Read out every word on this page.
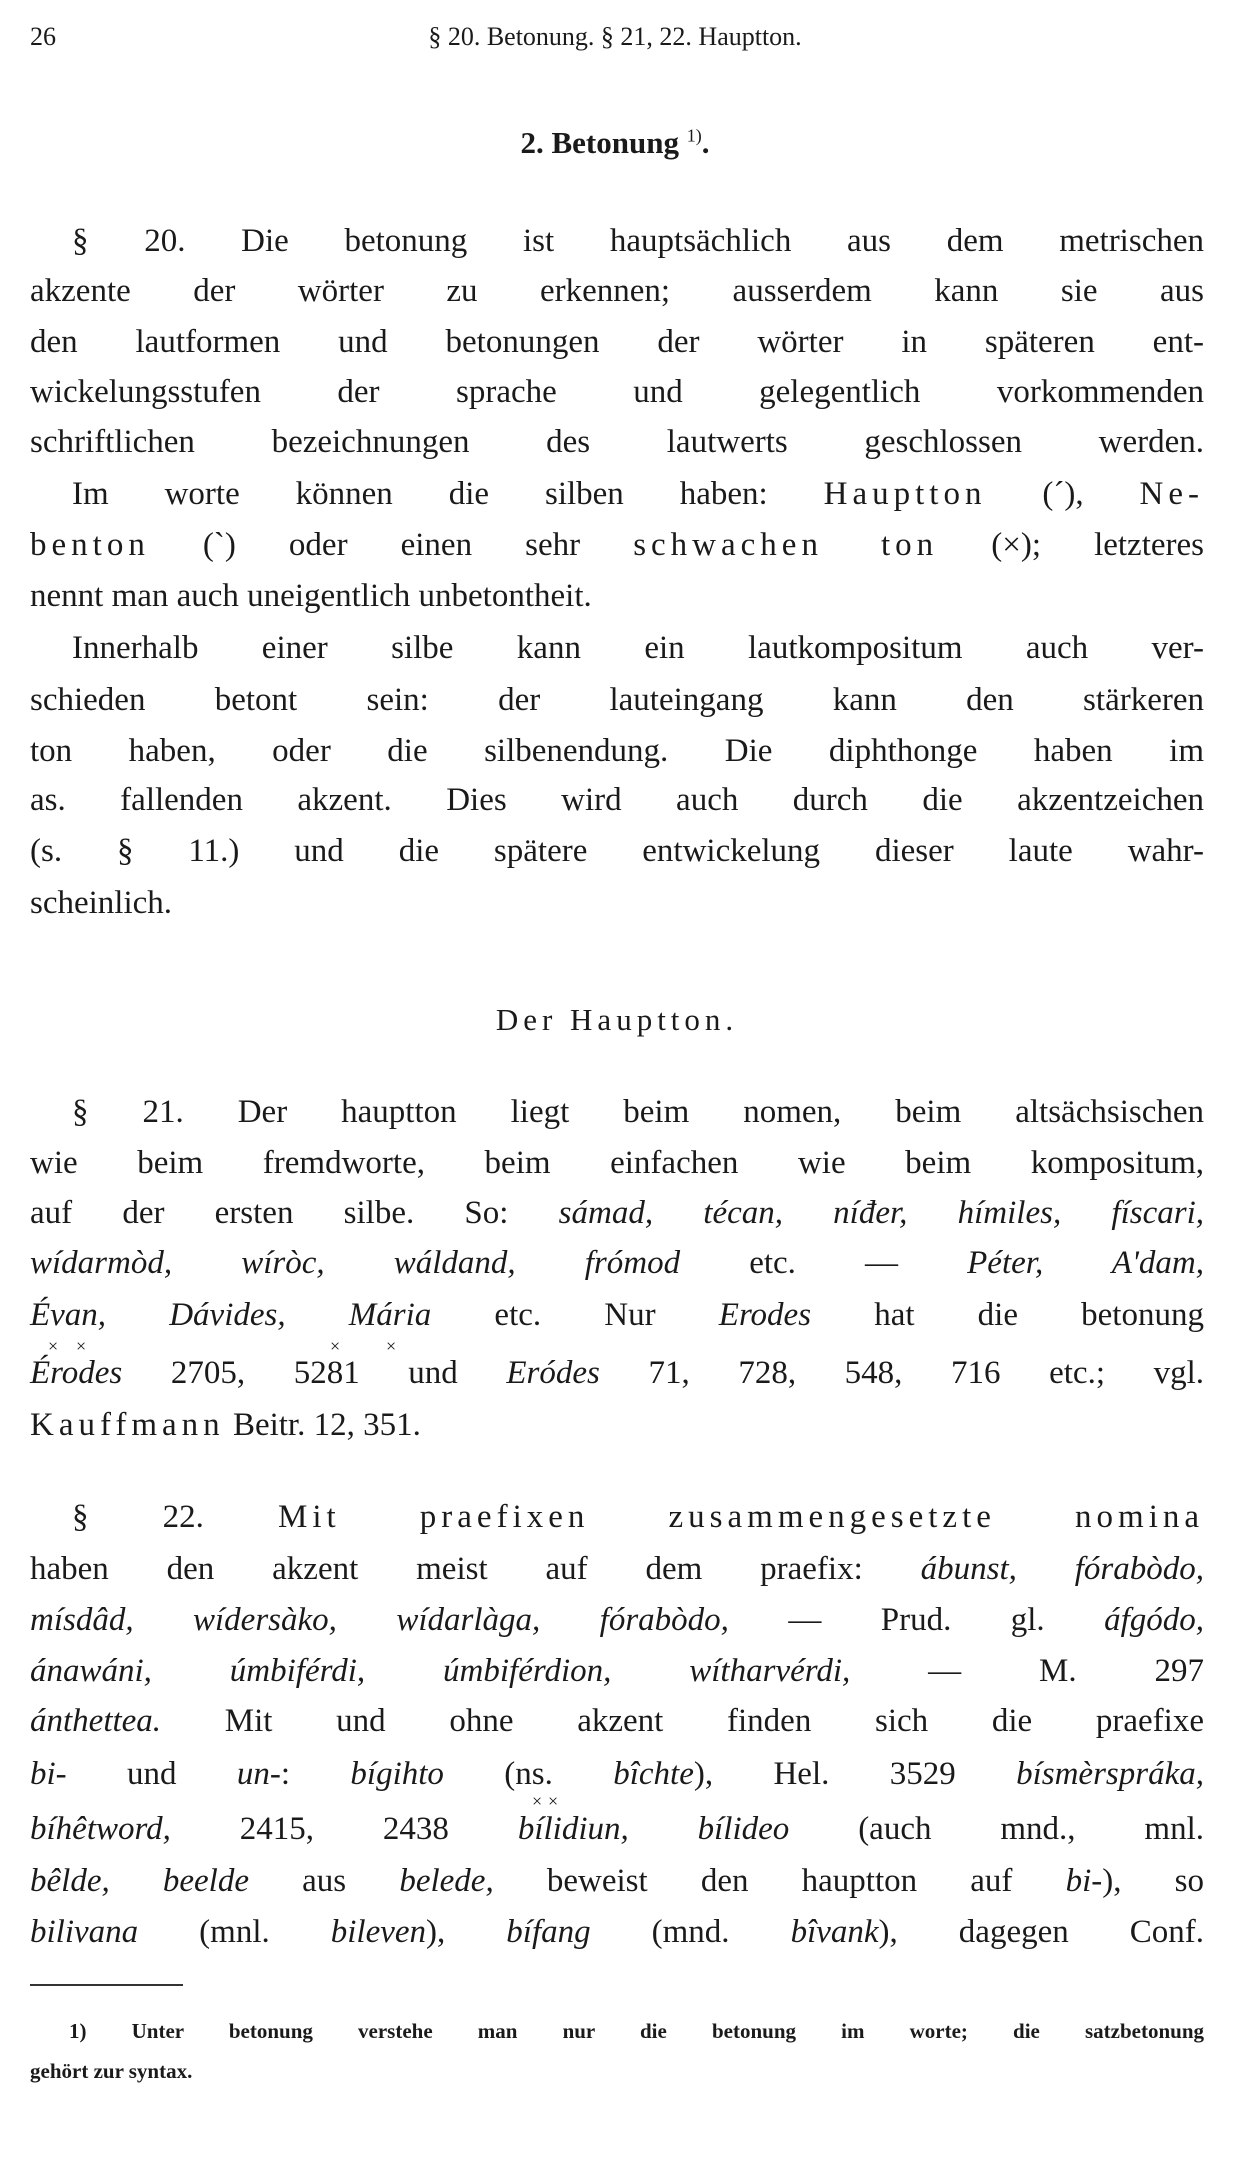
26	§ 20. Betonung. § 21, 22. Hauptton.
2. Betonung $^{1)}$.
§ 20. Die betonung ist hauptsächlich aus dem metrischen
akzente der wörter zu erkennen; ausserdem kann sie aus
den lautformen und betonungen der wörter in späteren ent-
wickelungsstufen der sprache und gelegentlich vorkommenden
schriftlichen bezeichnungen des lautwerts geschlossen werden.
Im worte können die silben haben: Hauptton (´), Ne-
benton (`) oder einen sehr schwachen ton (×); letzteres
nennt man auch uneigentlich unbetontheit.
Innerhalb einer silbe kann ein lautkompositum auch ver-
schieden betont sein: der lauteingang kann den stärkeren
ton haben, oder die silbenendung. Die diphthonge haben im
as. fallenden akzent. Dies wird auch durch die akzentzeichen
(s. § 11.) und die spätere entwickelung dieser laute wahr-
scheinlich.
Der Hauptton.
§ 21. Der hauptton liegt beim nomen, beim altsächsischen
wie beim fremdworte, beim einfachen wie beim kompositum,
auf der ersten silbe. So: sámad, técan, níđer, hímiles, físcari,
wídarmòd, wíròc, wáldand, frómod etc. — Péter, A'dam,
Évan, Dávides, Mária etc. Nur Erodes hat die betonung
Érodes 2705, 5281 und Eródes 71, 728, 548, 716 etc.; vgl.
Kauffmann Beitr. 12, 351.
§ 22. Mit praefixen zusammengesetzte nomina
haben den akzent meist auf dem praefix: ábunst, fórabòdo,
mísdâd, wídersàko, wídarlàga, fórabòdo, — Prud. gl. áfgódo,
ánawáni, úmbiférdi, úmbiférdion, wítharvérdi, — M. 297
ánthettea. Mit und ohne akzent finden sich die praefixe
bi- und un-: bígihto (ns. bîchte), Hel. 3529 bísmèrspráka,
bíhêtword, 2415, 2438 bílidiun, bílideo (auch mnd., mnl.
bêlde, beelde aus belede, beweist den hauptton auf bi-), so
bilivana (mnl. bileven), bífang (mnd. bîvank), dagegen Conf.
× ×	×	×
× ×
1) Unter betonung verstehe man nur die betonung im worte; die satzbetonung
gehört zur syntax.
